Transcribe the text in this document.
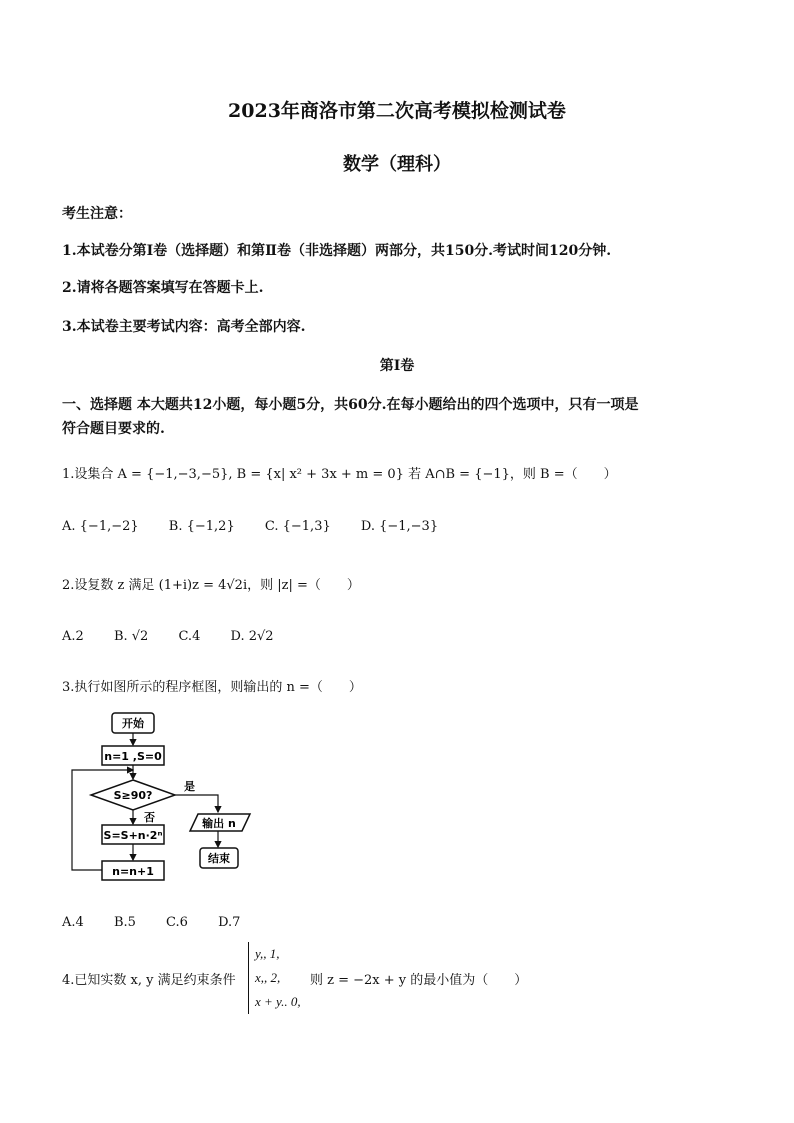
2023年商洛市第二次高考模拟检测试卷
数学（理科）
考生注意：
1.本试卷分第Ⅰ卷（选择题）和第Ⅱ卷（非选择题）两部分，共150分.考试时间120分钟.
2.请将各题答案填写在答题卡上.
3.本试卷主要考试内容：高考全部内容.
第Ⅰ卷
一、选择题 本大题共12小题，每小题5分，共60分.在每小题给出的四个选项中，只有一项是
符合题目要求的.
1.设集合 A = {−1,−3,−5}, B = {x| x² + 3x + m = 0} 若 A∩B = {−1}，则 B =（　　）
A. {−1,−2} B. {−1,2} C. {−1,3} D. {−1,−3}
2.设复数 z 满足 (1+i)z = 4√2i，则 |z| =（　　）
A.2 B. √2 C.4 D. 2√2
3.执行如图所示的程序框图，则输出的 n =（　　）
开始
n=1 ,S=0
S≥90?
是
输出 n
结束
否
S=S+n·2ⁿ
n=n+1
A.4 B.5 C.6 D.7
4.已知实数 x, y 满足约束条件
y,, 1,
x,, 2,
x + y.. 0,
则 z = −2x + y 的最小值为（　　）
